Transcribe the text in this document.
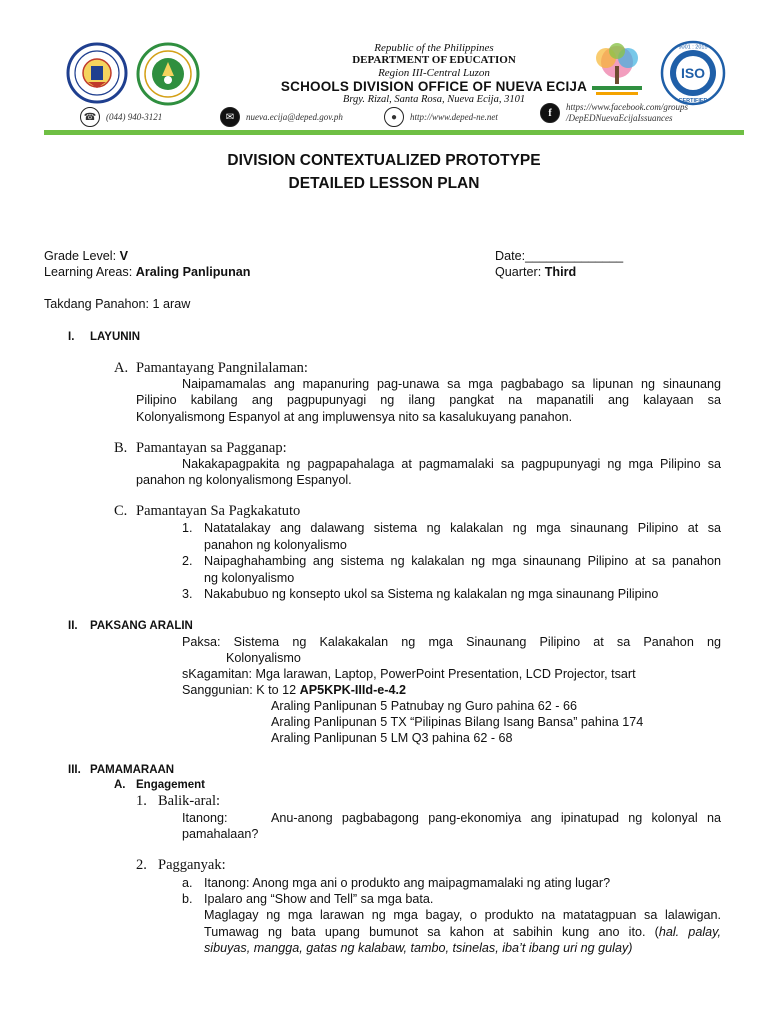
Republic of the Philippines
DEPARTMENT OF EDUCATION
Region III-Central Luzon
SCHOOLS DIVISION OFFICE OF NUEVA ECIJA
Brgy. Rizal, Santa Rosa, Nueva Ecija, 3101
ISO
9001 : 2015
CERTIFIED
☎	(044) 940-3121	✉	nueva.ecija@deped.gov.ph	●	http://www.deped-ne.net	f
https://www.facebook.com/groups
/DepEDNuevaEcijaIssuances
DIVISION CONTEXTUALIZED PROTOTYPE
DETAILED LESSON PLAN
Grade Level: V	Date:______________
Learning Areas: Araling Panlipunan	Quarter: Third
Takdang Panahon: 1 araw
I. LAYUNIN
A. Pamantayang Pangnilalaman:
Naipamamalas ang mapanuring pag-unawa sa mga pagbabago sa lipunan ng sinaunang
Pilipino kabilang ang pagpupunyagi ng ilang pangkat na mapanatili ang kalayaan sa
Kolonyalismong Espanyol at ang impluwensya nito sa kasalukuyang panahon.
B. Pamantayan sa Pagganap:
Nakakapagpakita ng pagpapahalaga at pagmamalaki sa pagpupunyagi ng mga Pilipino sa
panahon ng kolonyalismong Espanyol.
C. Pamantayan Sa Pagkakatuto
1. Natatalakay ang dalawang sistema ng kalakalan ng mga sinaunang Pilipino at sa
panahon ng kolonyalismo
2. Naipaghahambing ang sistema ng kalakalan ng mga sinaunang Pilipino at sa panahon
ng kolonyalismo
3. Nakabubuo ng konsepto ukol sa Sistema ng kalakalan ng mga sinaunang Pilipino
II. PAKSANG ARALIN
Paksa: Sistema ng Kalakakalan ng mga Sinaunang Pilipino at sa Panahon ng
Kolonyalismo
sKagamitan: Mga larawan, Laptop, PowerPoint Presentation, LCD Projector, tsart
Sanggunian: K to 12 AP5KPK-IIId-e-4.2
Araling Panlipunan 5 Patnubay ng Guro pahina 62 - 66
Araling Panlipunan 5 TX “Pilipinas Bilang Isang Bansa” pahina 174
Araling Panlipunan 5 LM Q3 pahina 62 - 68
III. PAMAMARAAN
A. Engagement
1. Balik-aral:
Itanong:	Anu-anong pagbabagong pang-ekonomiya ang ipinatupad ng kolonyal na
pamahalaan?
2. Pagganyak:
a. Itanong: Anong mga ani o produkto ang maipagmamalaki ng ating lugar?
b. Ipalaro ang “Show and Tell” sa mga bata.
Maglagay ng mga larawan ng mga bagay, o produkto na matatagpuan sa lalawigan.
Tumawag ng bata upang bumunot sa kahon at sabihin kung ano ito. (hal. palay,
sibuyas, mangga, gatas ng kalabaw, tambo, tsinelas, iba’t ibang uri ng gulay)
